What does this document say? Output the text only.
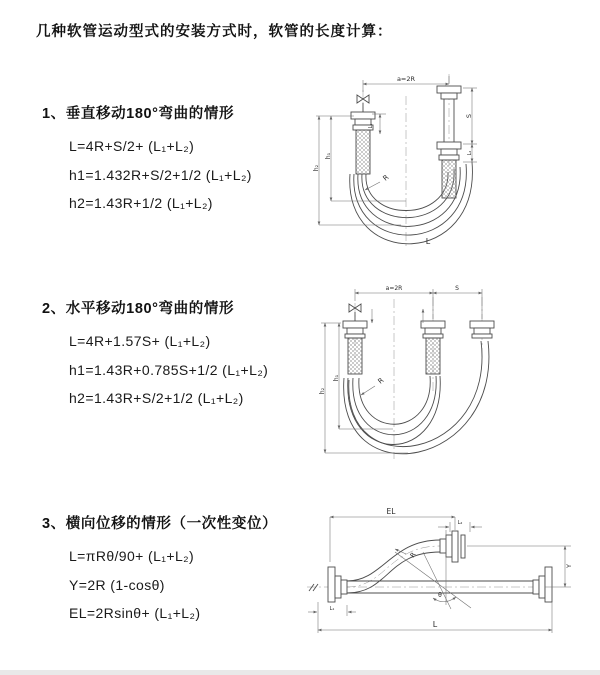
几种软管运动型式的安装方式时，软管的长度计算：
1、垂直移动180°弯曲的情形
L=4R+S/2+ (L₁+L₂)
h1=1.432R+S/2+1/2 (L₁+L₂)
h2=1.43R+1/2 (L₁+L₂)
2、水平移动180°弯曲的情形
L=4R+1.57S+ (L₁+L₂)
h1=1.43R+0.785S+1/2 (L₁+L₂)
h2=1.43R+S/2+1/2 (L₁+L₂)
3、横向位移的情形（一次性变位）
L=πRθ/90+ (L₁+L₂)
Y=2R (1-cosθ)
EL=2Rsinθ+ (L₁+L₂)
a=2R
L₁
S
L₂
h₁
h₂
R
L
a=2R	S
h₁
h₂
R
EL
L₂
Y
R
θ
L₁
L
